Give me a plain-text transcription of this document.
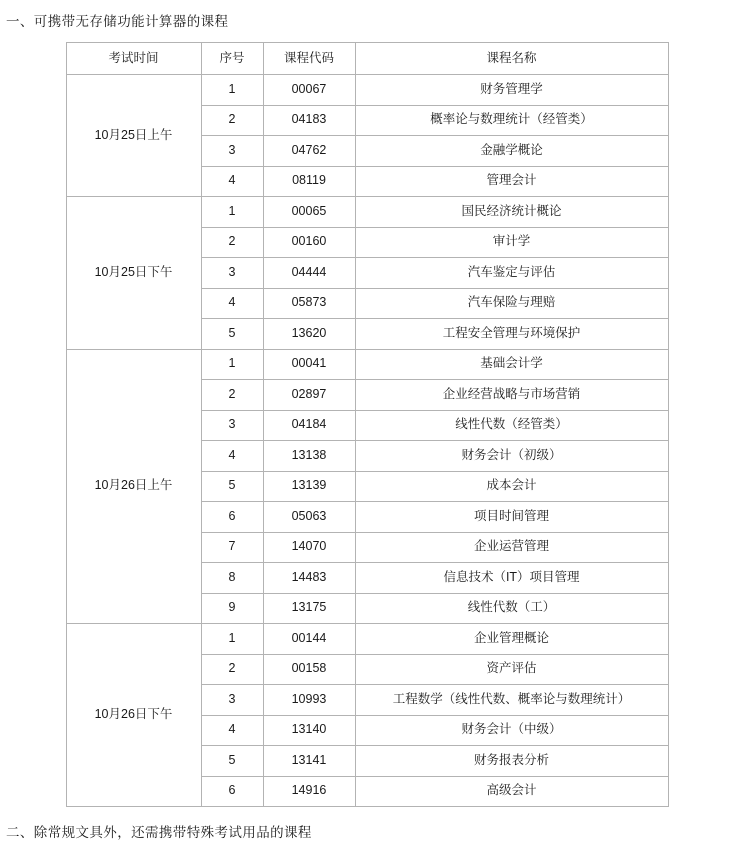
一、可携带无存储功能计算器的课程
考试时间	序号	课程代码	课程名称
10月25日上午	1	00067	财务管理学
	2	04183	概率论与数理统计（经管类）
	3	04762	金融学概论
	4	08119	管理会计
10月25日下午	1	00065	国民经济统计概论
	2	00160	审计学
	3	04444	汽车鉴定与评估
	4	05873	汽车保险与理赔
	5	13620	工程安全管理与环境保护
10月26日上午	1	00041	基础会计学
	2	02897	企业经营战略与市场营销
	3	04184	线性代数（经管类）
	4	13138	财务会计（初级）
	5	13139	成本会计
	6	05063	项目时间管理
	7	14070	企业运营管理
	8	14483	信息技术（IT）项目管理
	9	13175	线性代数（工）
10月26日下午	1	00144	企业管理概论
	2	00158	资产评估
	3	10993	工程数学（线性代数、概率论与数理统计）
	4	13140	财务会计（中级）
	5	13141	财务报表分析
	6	14916	高级会计
二、除常规文具外，还需携带特殊考试用品的课程
